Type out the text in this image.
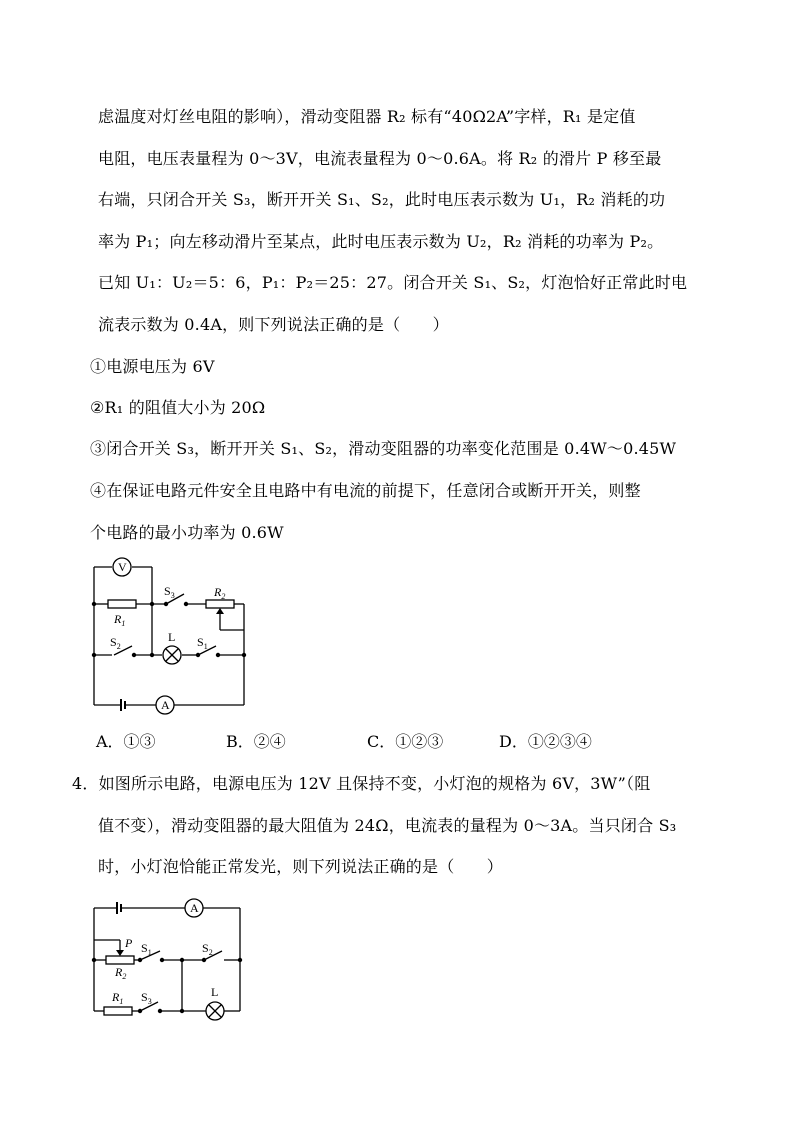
虑温度对灯丝电阻的影响），滑动变阻器 R₂ 标有“40Ω2A”字样，R₁ 是定值
电阻，电压表量程为 0～3V，电流表量程为 0～0.6A。将 R₂ 的滑片 P 移至最
右端，只闭合开关 S₃，断开开关 S₁、S₂，此时电压表示数为 U₁，R₂ 消耗的功
率为 P₁；向左移动滑片至某点，此时电压表示数为 U₂，R₂ 消耗的功率为 P₂。
已知 U₁：U₂＝5：6，P₁：P₂＝25：27。闭合开关 S₁、S₂，灯泡恰好正常此时电
流表示数为 0.4A，则下列说法正确的是（　　）
①电源电压为 6V
②R₁ 的阻值大小为 20Ω
③闭合开关 S₃，断开开关 S₁、S₂，滑动变阻器的功率变化范围是 0.4W～0.45W
④在保证电路元件安全且电路中有电流的前提下，任意闭合或断开开关，则整
个电路的最小功率为 0.6W
V
A
$R_1$
$R_2$
$S_3$
$S_2$	$S_1$
L
A．①③	B．②④	C．①②③	D．①②③④
4．如图所示电路，电源电压为 12V 且保持不变，小灯泡的规格为 6V，3W”（阻
值不变），滑动变阻器的最大阻值为 24Ω，电流表的量程为 0～3A。当只闭合 S₃
时，小灯泡恰能正常发光，则下列说法正确的是（　　）
A
P
$R_2$
$R_1$
$S_1$	$S_2$
$S_3$
L
